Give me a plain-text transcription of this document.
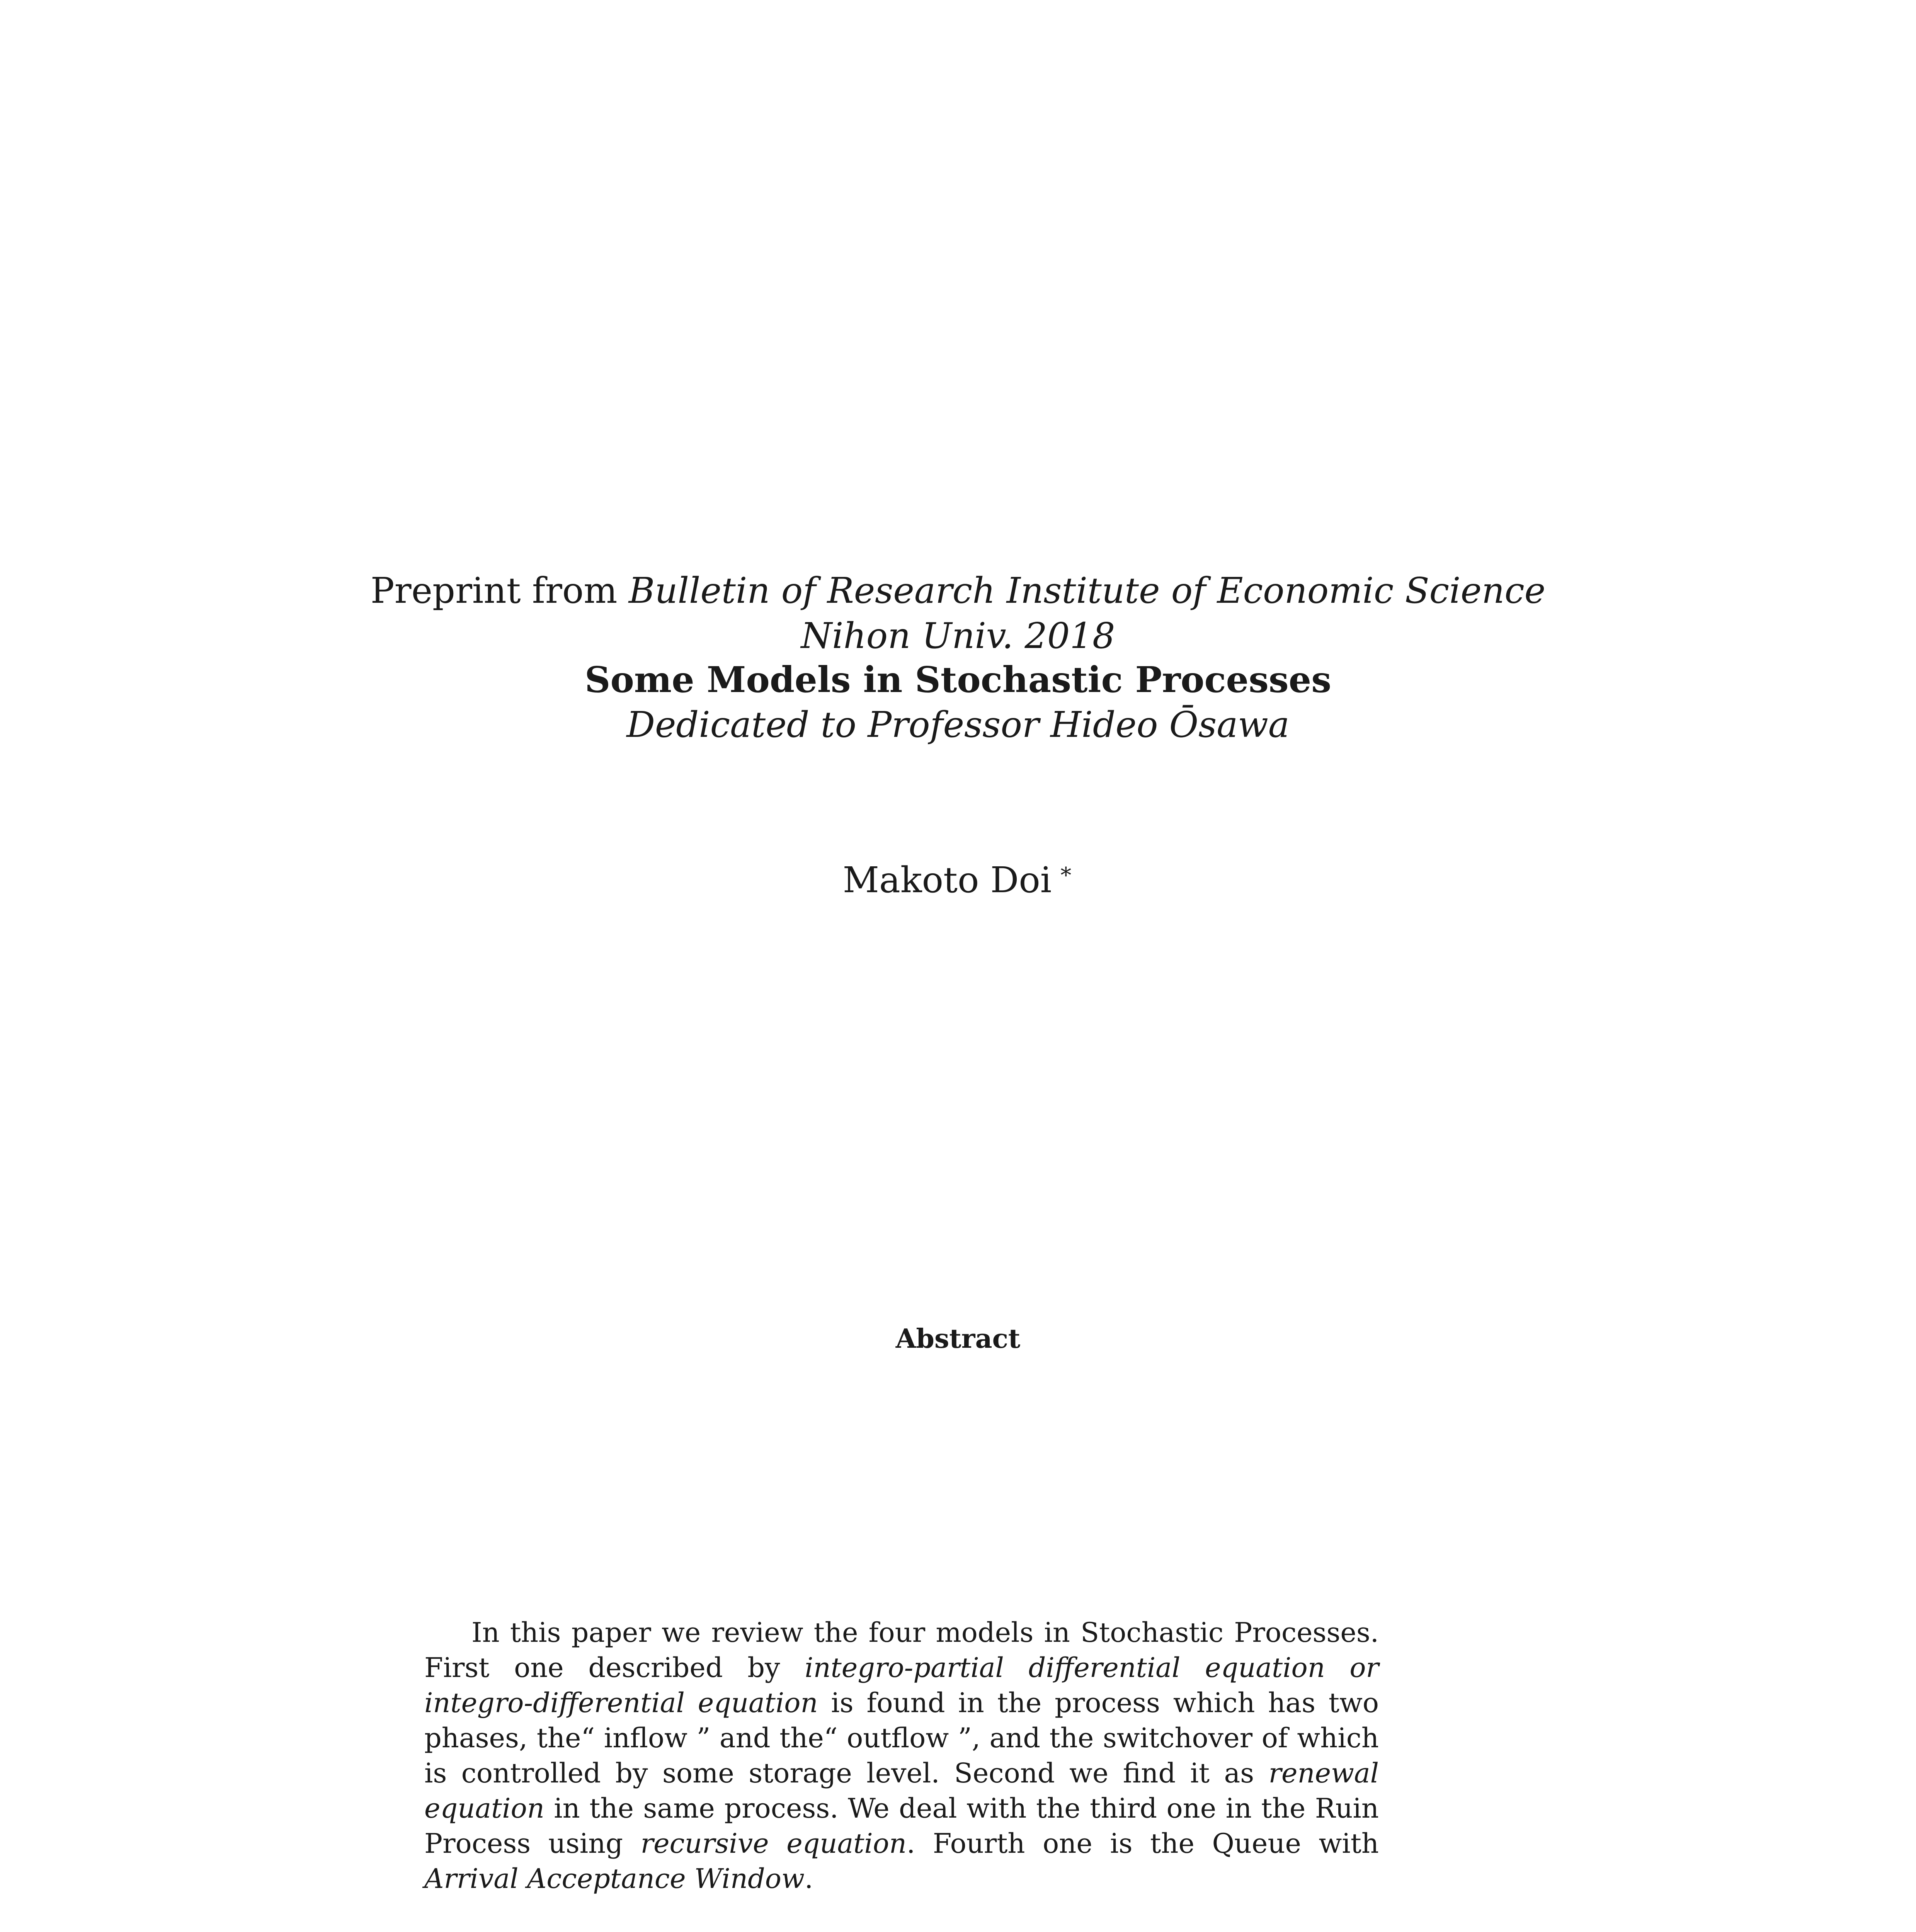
Preprint from Bulletin of Research Institute of Economic Science
Nihon Univ. 2018
Some Models in Stochastic Processes
Dedicated to Professor Hideo Ōsawa
Makoto Doi ∗
Abstract

In this paper we review the four models in Stochastic Processes. First one described by integro-partial differential equation or integro-differential equation is found in the process which has two phases, the“ inflow ” and the“ outflow ”, and the switchover of which is controlled by some storage level. Second we find it as renewal equation in the same process. We deal with the third one in the Ruin Process using recursive equation. Fourth one is the Queue with Arrival Acceptance Window.
